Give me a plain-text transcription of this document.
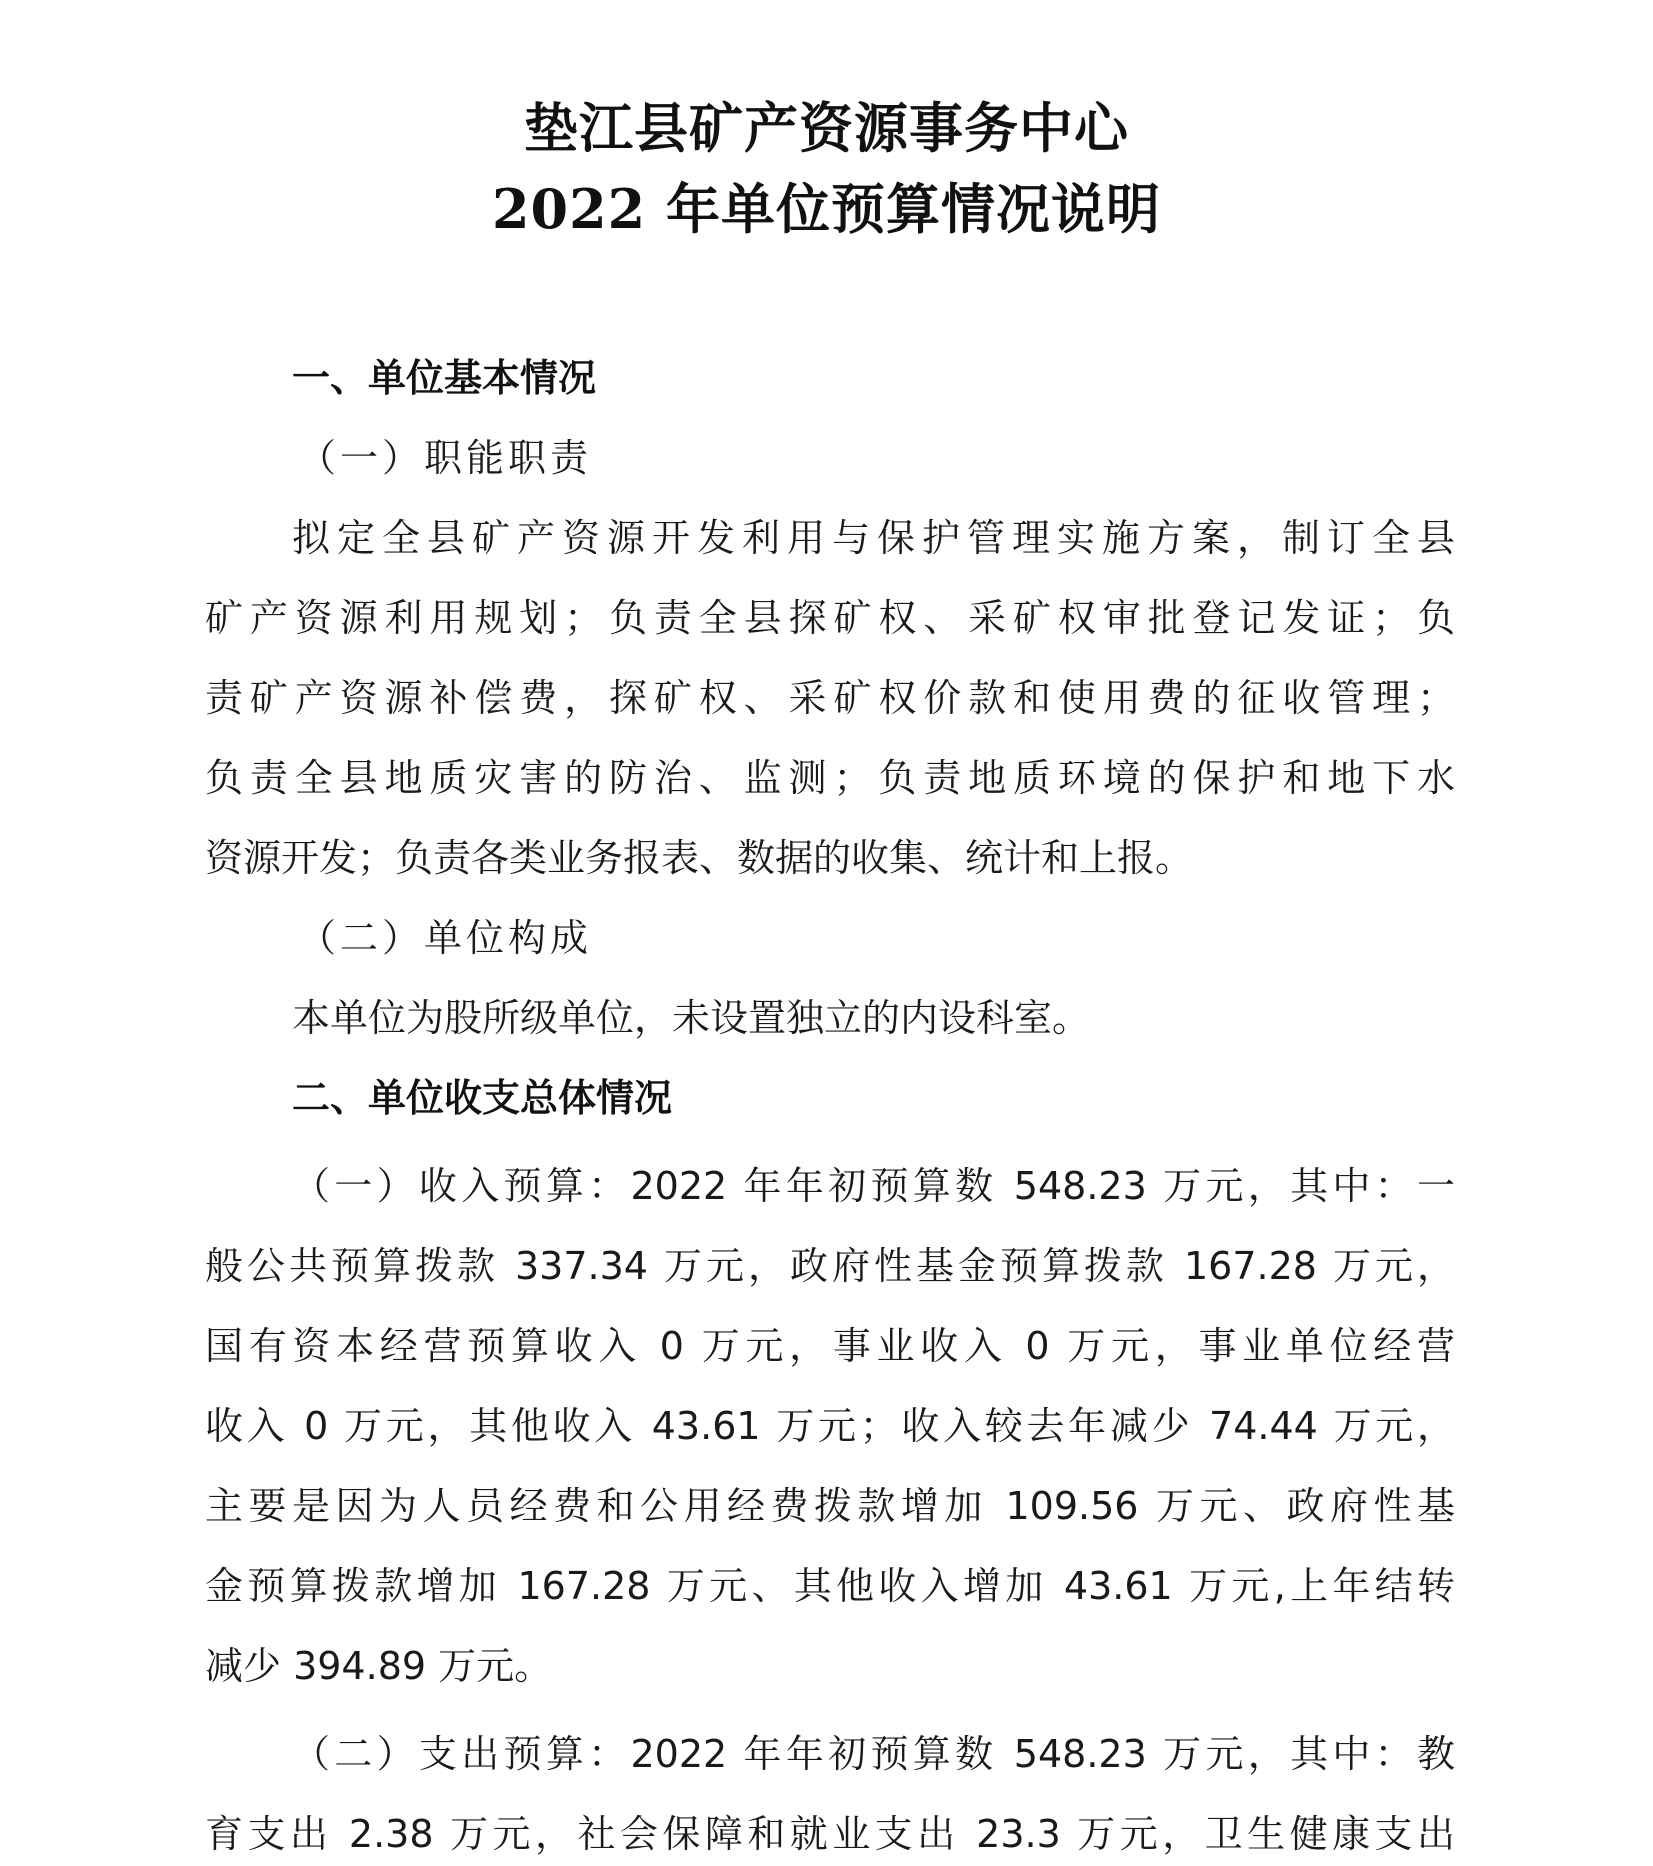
垫江县矿产资源事务中心
2022 年单位预算情况说明
一、单位基本情况
（一）职能职责
拟定全县矿产资源开发利用与保护管理实施方案，制订全县
矿产资源利用规划；负责全县探矿权、采矿权审批登记发证；负
责矿产资源补偿费，探矿权、采矿权价款和使用费的征收管理；
负责全县地质灾害的防治、监测；负责地质环境的保护和地下水
资源开发；负责各类业务报表、数据的收集、统计和上报。
（二）单位构成
本单位为股所级单位，未设置独立的内设科室。
二、单位收支总体情况
（一）收入预算：2022 年年初预算数 548.23 万元，其中：一
般公共预算拨款 337.34 万元，政府性基金预算拨款 167.28 万元，
国有资本经营预算收入 0 万元，事业收入 0 万元，事业单位经营
收入 0 万元，其他收入 43.61 万元；收入较去年减少 74.44 万元，
主要是因为人员经费和公用经费拨款增加 109.56 万元、政府性基
金预算拨款增加 167.28 万元、其他收入增加 43.61 万元,上年结转
减少 394.89 万元。
（二）支出预算：2022 年年初预算数 548.23 万元，其中：教
育支出 2.38 万元，社会保障和就业支出 23.3 万元，卫生健康支出
